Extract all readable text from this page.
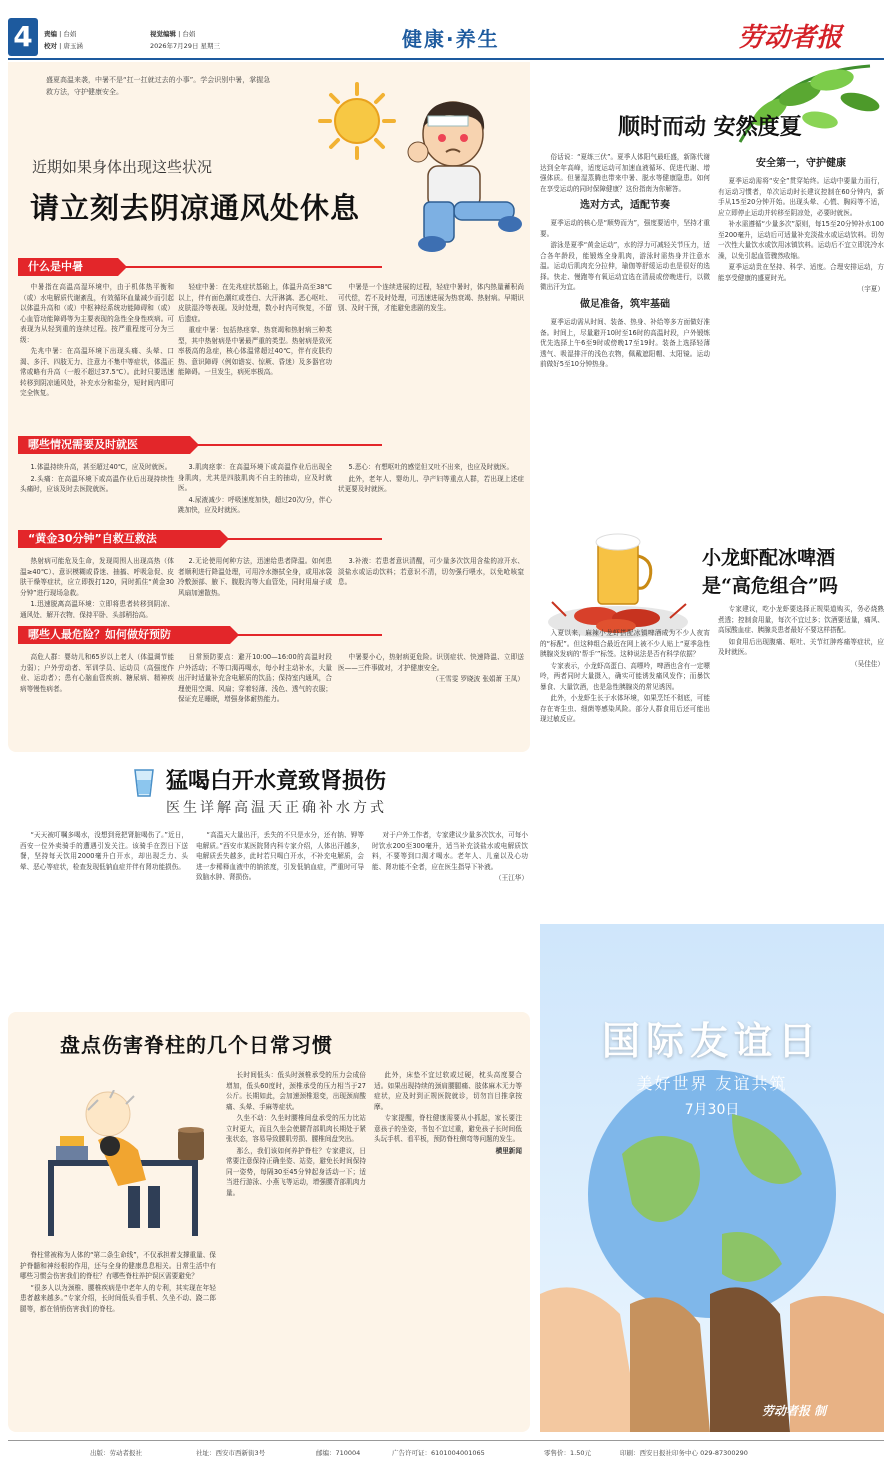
4	责编 | 台娟
校对 | 唐玉涵
视觉编辑 | 台娟
2026年7月29日 星期三	健康·养生	劳动者报
盛夏高温来袭，中暑不是“扛一扛就过去的小事”。学会识别中暑，掌握急救方法，守护健康安全。
近期如果身体出现这些状况
请立刻去阴凉通风处休息
什么是中暑

中暑指在高温高湿环境中，由于机体热平衡和（或）水电解质代谢紊乱，有效循环血量减少而引起以体温升高和（或）中枢神经系统功能障碍和（或）心血管功能障碍等为主要表现的急性全身性疾病。可表现为从轻到重的连续过程。按严重程度可分为三级：

先兆中暑：在高温环境下出现头痛、头晕、口渴、多汗、四肢无力、注意力不集中等症状，体温正常或略有升高（一般不超过37.5℃）。此时只要迅速转移到阴凉通风处，补充水分和盐分，短时间内即可完全恢复。

轻症中暑：在先兆症状基础上，体温升高至38℃以上，伴有面色潮红或苍白、大汗淋漓、恶心呕吐、皮肤湿冷等表现。及时处理，数小时内可恢复，不留后遗症。

重症中暑：包括热痉挛、热衰竭和热射病三种类型，其中热射病是中暑最严重的类型。热射病是致死率极高的急症，核心体温常超过40℃，伴有皮肤灼热、意识障碍（例如谵妄、惊厥、昏迷）及多器官功能障碍。一旦发生，病死率极高。

中暑是一个连续进展的过程，轻症中暑时，体内热量蓄积尚可代偿，若不及时处理，可迅速进展为热衰竭、热射病。早期识别、及时干预，才能避免悲剧的发生。

哪些情况需要及时就医

1.体温持续升高，甚至超过40℃，应及时就医。

2.头痛：在高温环境下或高温作业后出现持续性头痛时，应该及时去医院就医。

3.肌肉痉挛：在高温环境下或高温作业后出现全身肌肉，尤其是四肢肌肉不自主的抽动，应及时就医。

4.尿液减少：呼吸速度加快，超过20次/分，伴心跳加快，应及时就医。

5.恶心：有想呕吐的感觉但又吐不出来，也应及时就医。

此外，老年人、婴幼儿、孕产妇等重点人群，若出现上述症状更要及时就医。

“黄金30分钟”自救互救法

热射病可能危及生命，发现周围人出现高热（体温≥40℃）、意识模糊或昏迷、抽搐、呼吸急促、皮肤干燥等症状，应立即拨打120，同时抓住“黄金30分钟”进行现场急救。

1.迅速脱离高温环境：立即将患者转移到阴凉、通风处，解开衣物，保持平卧，头部稍抬高。

2.无论使用何种方法，迅速给患者降温。如何患者顺利进行降温处理，可用冷水擦拭全身，或用冰袋冷敷颈部、腋下、腹股沟等大血管处，同时用扇子或风扇加速散热。

3.补液：若患者意识清醒，可少量多次饮用含盐的凉开水、淡盐水或运动饮料；若意识不清，切勿强行喂水，以免呛咳窒息。

哪些人最危险？如何做好预防

高危人群：婴幼儿和65岁以上老人（体温调节能力弱）；户外劳动者、军训学员、运动员（高强度作业、运动者）；患有心脑血管疾病、糖尿病、精神疾病等慢性病者。

日常预防要点：避开10:00—16:00的高温时段户外活动；不等口渴再喝水，每小时主动补水，大量出汗时适量补充含电解质的饮品；保持室内通风，合理使用空调、风扇；穿着轻薄、浅色、透气的衣服；保证充足睡眠，增强身体耐热能力。

中暑要小心，热射病更危险。识别症状、快速降温、立即送医——三件事做对，才护健康安全。

（王雪雯 罗晓波 张娟萧 王凤）

猛喝白开水竟致肾损伤
医生详解高温天正确补水方式

“天天被叮嘱多喝水，没想到竟把肾脏喝伤了。”近日，西安一位外卖骑手的遭遇引发关注。该骑手在烈日下送餐，坚持每天饮用2000毫升白开水，却出现乏力、头晕、恶心等症状，检查发现低钠血症并伴有肾功能损伤。

“高温天大量出汗，丢失的不只是水分，还有钠、钾等电解质。”西安市某医院肾内科专家介绍，人体出汗越多，电解质丢失越多，此时若只喝白开水，不补充电解质，会进一步稀释血液中的钠浓度，引发低钠血症，严重时可导致脑水肿、肾损伤。

对于户外工作者，专家建议少量多次饮水，可每小时饮水200至300毫升，适当补充淡盐水或电解质饮料，不要等到口渴才喝水。老年人、儿童以及心功能、肾功能不全者，应在医生指导下补液。

（王江华）

盘点伤害脊柱的几个日常习惯

脊柱常被称为人体的“第二条生命线”，不仅承担着支撑重量、保护脊髓和神经根的作用，还与全身的健康息息相关。日常生活中有哪些习惯会伤害我们的脊柱？有哪些脊柱养护误区需要避免？

“很多人以为颈椎、腰椎疾病是中老年人的专利，其实现在年轻患者越来越多。”专家介绍，长时间低头看手机、久坐不动、跷二郎腿等，都在悄悄伤害我们的脊柱。

长时间低头：低头时颈椎承受的压力会成倍增加，低头60度时，颈椎承受的压力相当于27公斤。长期如此，会加速颈椎退变，出现颈肩酸痛、头晕、手麻等症状。

久坐不动：久坐时腰椎间盘承受的压力比站立时更大，而且久坐会使腰背部肌肉长期处于紧张状态，容易导致腰肌劳损、腰椎间盘突出。

那么，我们该如何养护脊柱？专家建议，日常要注意保持正确坐姿、站姿，避免长时间保持同一姿势，每隔30至45分钟起身活动一下；适当进行游泳、小燕飞等运动，增强腰背部肌肉力量。

此外，床垫不宜过软或过硬，枕头高度要合适。如果出现持续的颈肩腰腿痛、肢体麻木无力等症状，应及时到正规医院就诊，切勿盲目推拿按摩。

专家提醒，脊柱健康需要从小抓起，家长要注意孩子的坐姿，书包不宜过重，避免孩子长时间低头玩手机、看平板，预防脊柱侧弯等问题的发生。

横里新闻

顺时而动 安然度夏

俗话说：“夏练三伏”。夏季人体阳气最旺盛，新陈代谢达到全年高峰，适度运动可加速血液循环、促进代谢、增强体质。但暑湿蒸腾也带来中暑、脱水等健康隐患。如何在享受运动的同时保障健康？这份指南为你解答。

选对方式，适配节奏

夏季运动的核心是“顺势而为”，强度要适中，坚持才重要。

游泳是夏季“黄金运动”，水的浮力可减轻关节压力，适合各年龄段，能锻炼全身肌肉，游泳时需热身并注意水温。运动后肌肉充分拉伸，瑜伽等舒缓运动也是很好的选择。快走、慢跑等有氧运动宜选在清晨或傍晚进行，以微微出汗为宜。

做足准备，筑牢基础

夏季运动需从时间、装备、热身、补给等多方面做好准备。时间上，尽量避开10时至16时的高温时段，户外锻炼优先选择上午6至9时或傍晚17至19时。装备上选择轻薄透气、吸湿排汗的浅色衣物，佩戴遮阳帽、太阳镜。运动前做好5至10分钟热身。

安全第一，守护健康

夏季运动需将“安全”贯穿始终。运动中要量力而行，有运动习惯者，单次运动时长建议控制在60分钟内，新手从15至20分钟开始。出现头晕、心慌、胸闷等不适，应立即停止运动并转移至阴凉处，必要时就医。

补水需遵循“少量多次”原则，每15至20分钟补水100至200毫升，运动后可适量补充淡盐水或运动饮料。切勿一次性大量饮水或饮用冰镇饮料。运动后不宜立即洗冷水澡，以免引起血管骤然收缩。

夏季运动贵在坚持、科学、适度。合理安排运动，方能享受健康的盛夏时光。

（宇夏）

小龙虾配冰啤酒
是“高危组合”吗

入夏以来，麻辣小龙虾搭配冰镇啤酒成为不少人夜宵的“标配”。但这种组合最近在网上被不少人贴上“夏季急性胰腺炎发病的‘帮手’”标签。这种说法是否有科学依据？

专家表示，小龙虾高蛋白、高嘌呤，啤酒也含有一定嘌呤，两者同时大量摄入，确实可能诱发痛风发作；而暴饮暴食、大量饮酒，也是急性胰腺炎的常见诱因。

此外，小龙虾生长于水体环境，如果烹饪不彻底，可能存在寄生虫、细菌等感染风险。部分人群食用后还可能出现过敏反应。

专家建议，吃小龙虾要选择正规渠道购买，务必烧熟煮透；控制食用量，每次不宜过多；饮酒要适量，痛风、高尿酸血症、胰腺炎患者最好不要这样搭配。

如食用后出现腹痛、呕吐、关节红肿疼痛等症状，应及时就医。

（吴佳佳）

国际友谊日
美好世界 友谊共筑
7月30日
劳动者报 制
出版：劳动者报社	社址：西安市西新街3号	邮编：710004	广告许可证：6101004001065	零售价：1.50元	印刷：西安日报社印务中心 029-87300290
